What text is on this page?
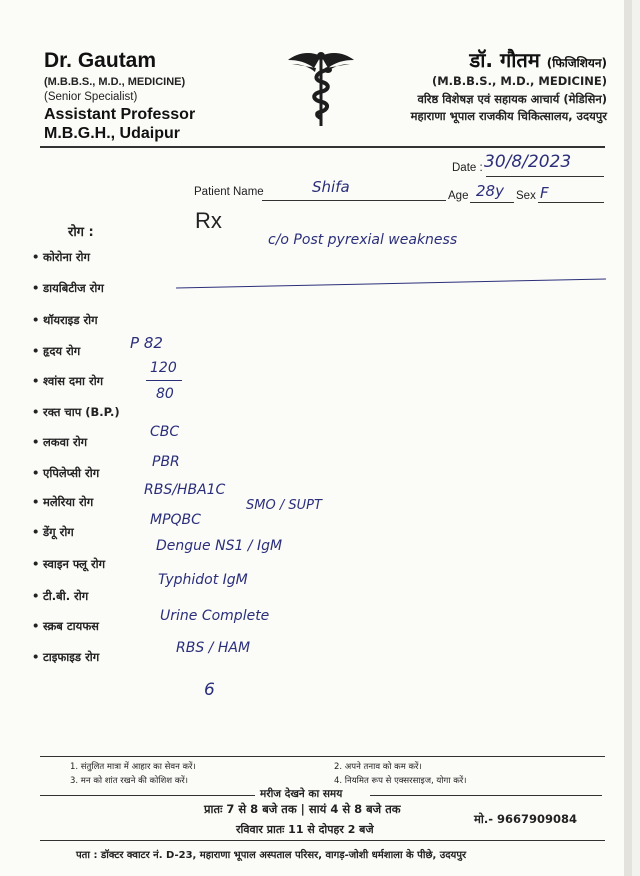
Dr. Gautam
(M.B.B.S., M.D., MEDICINE)
(Senior Specialist)
Assistant Professor
M.B.G.H., Udaipur
डॉ. गौतम (फिजिशियन)
(M.B.B.S., M.D., MEDICINE)
वरिष्ठ विशेषज्ञ एवं सहायक आचार्य (मेडिसिन)
महाराणा भूपाल राजकीय चिकित्सालय, उदयपुर
Date : 30/8/2023
Patient Name	Shifa	Age 28y Sex F
Rx
रोग :
• कोरोना रोग
• डायबिटीज रोग
• थॉयराइड रोग
• हृदय रोग
• श्वांस दमा रोग
• रक्त चाप (B.P.)
• लकवा रोग
• एपिलेप्सी रोग
• मलेरिया रोग
• डेंगू रोग
• स्वाइन फ्लू रोग
• टी.बी. रोग
• स्क्रब टायफस
• टाइफाइड रोग
c/o Post pyrexial weakness
P 82
120
80
CBC
PBR
RBS/HBA1C
MPQBC
Dengue NS1 / IgM
Typhidot IgM
Urine Complete
RBS / HAM
SMO / SUPT
6
1. संतुलित मात्रा में आहार का सेवन करें।	2. अपने तनाव को कम करें।
3. मन को शांत रखने की कोशिश करें।	4. नियमित रूप से एक्सरसाइज, योगा करें।
मरीज देखने का समय
प्रातः 7 से 8 बजे तक | सायं 4 से 8 बजे तक
रविवार प्रातः 11 से दोपहर 2 बजे
मो.- 9667909084
पता : डॉक्टर क्वाटर नं. D-23, महाराणा भूपाल अस्पताल परिसर, वागड़-जोशी धर्मशाला के पीछे, उदयपुर
